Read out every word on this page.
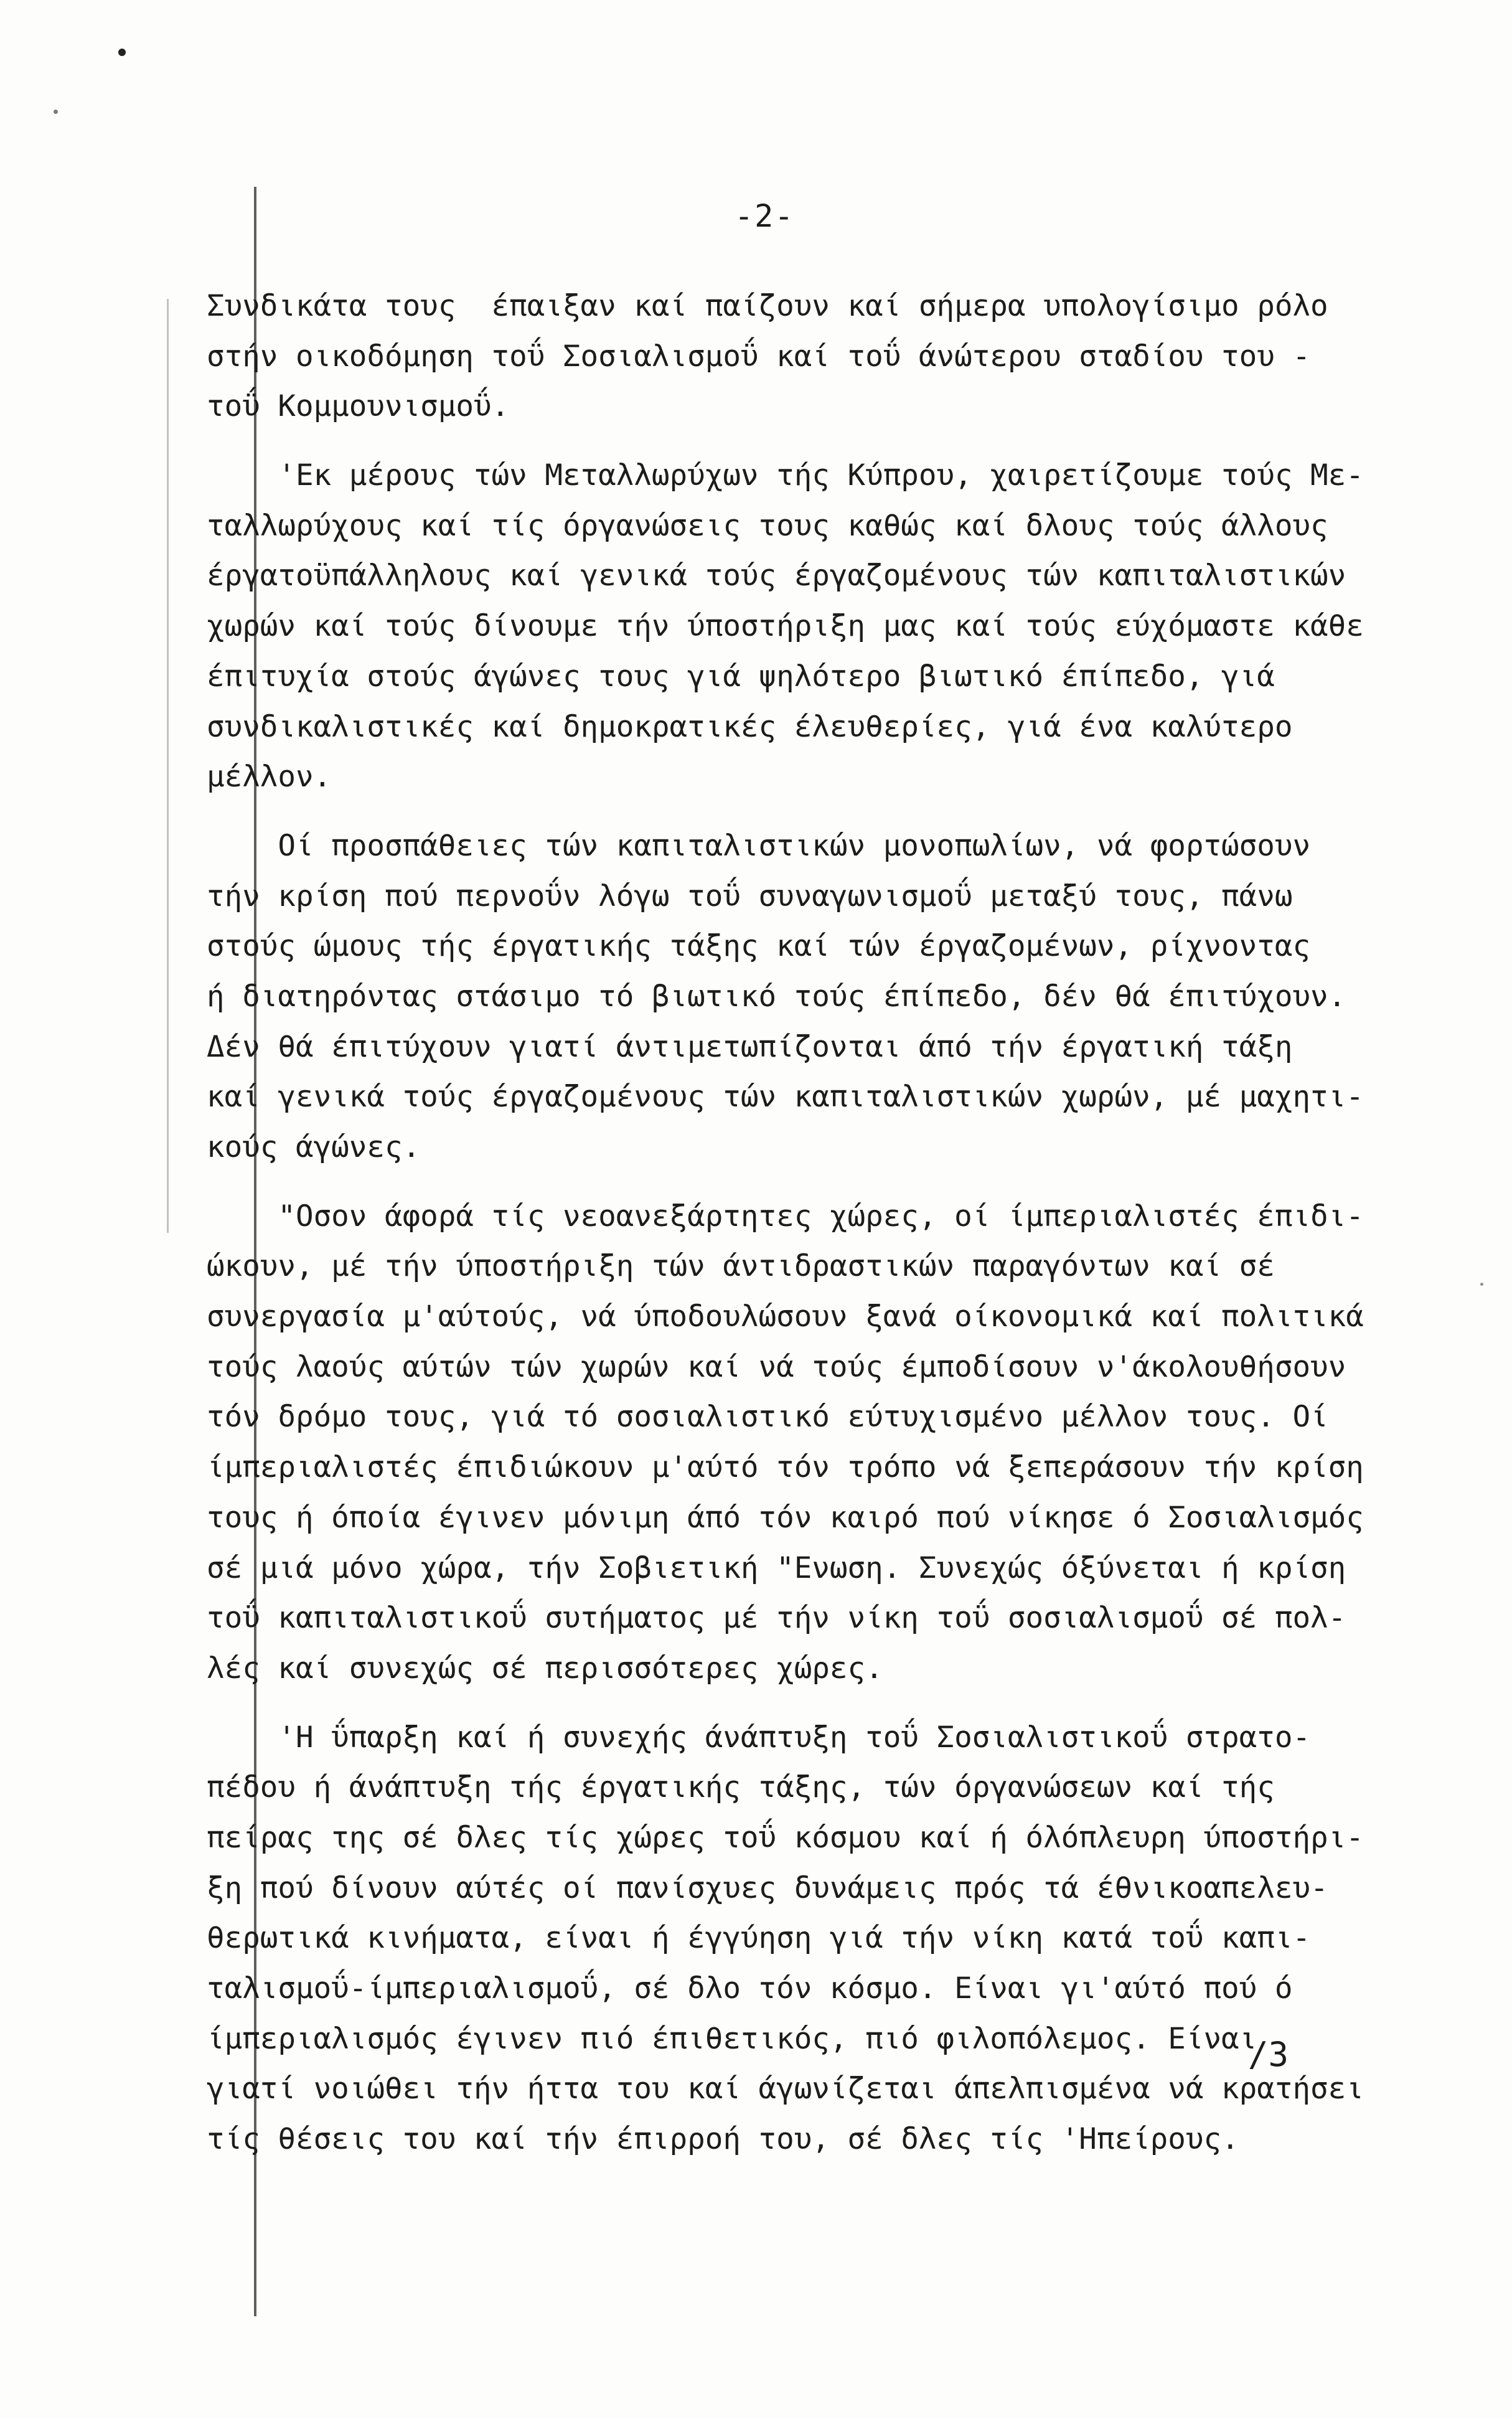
-2-
Συνδικάτα τους  έπαιξαν καί παίζουν καί σήμερα υπολογίσιμο ρόλο
στήν οικοδόμηση τοΰ Σοσιαλισμοΰ καί τοΰ άνώτερου σταδίου του -
τοΰ Κομμουνισμοΰ.
'Εκ μέρους τών Μεταλλωρύχων τής Κύπρου, χαιρετίζουμε τούς Με-
ταλλωρύχους καί τίς όργανώσεις τους καθώς καί δλους τούς άλλους
έργατοϋπάλληλους καί γενικά τούς έργαζομένους τών καπιταλιστικών
χωρών καί τούς δίνουμε τήν ύποστήριξη μας καί τούς εύχόμαστε κάθε
έπιτυχία στούς άγώνες τους γιά ψηλότερο βιωτικό έπίπεδο, γιά
συνδικαλιστικές καί δημοκρατικές έλευθερίες, γιά ένα καλύτερο
μέλλον.
Οί προσπάθειες τών καπιταλιστικών μονοπωλίων, νά φορτώσουν
τήν κρίση πού περνοΰν λόγω τοΰ συναγωνισμοΰ μεταξύ τους, πάνω
στούς ώμους τής έργατικής τάξης καί τών έργαζομένων, ρίχνοντας
ή διατηρόντας στάσιμο τό βιωτικό τούς έπίπεδο, δέν θά έπιτύχουν.
Δέν θά έπιτύχουν γιατί άντιμετωπίζονται άπό τήν έργατική τάξη
καί γενικά τούς έργαζομένους τών καπιταλιστικών χωρών, μέ μαχητι-
κούς άγώνες.
"Οσον άφορά τίς νεοανεξάρτητες χώρες, οί ίμπεριαλιστές έπιδι-
ώκουν, μέ τήν ύποστήριξη τών άντιδραστικών παραγόντων καί σέ
συνεργασία μ'αύτούς, νά ύποδουλώσουν ξανά οίκονομικά καί πολιτικά
τούς λαούς αύτών τών χωρών καί νά τούς έμποδίσουν ν'άκολουθήσουν
τόν δρόμο τους, γιά τό σοσιαλιστικό εύτυχισμένο μέλλον τους. Οί
ίμπεριαλιστές έπιδιώκουν μ'αύτό τόν τρόπο νά ξεπεράσουν τήν κρίση
τους ή όποία έγινεν μόνιμη άπό τόν καιρό πού νίκησε ό Σοσιαλισμός
σέ μιά μόνο χώρα, τήν Σοβιετική "Ενωση. Συνεχώς όξύνεται ή κρίση
τοΰ καπιταλιστικοΰ συτήματος μέ τήν νίκη τοΰ σοσιαλισμοΰ σέ πολ-
λές καί συνεχώς σέ περισσότερες χώρες.
'Η ΰπαρξη καί ή συνεχής άνάπτυξη τοΰ Σοσιαλιστικοΰ στρατο-
πέδου ή άνάπτυξη τής έργατικής τάξης, τών όργανώσεων καί τής
πείρας της σέ δλες τίς χώρες τοΰ κόσμου καί ή όλόπλευρη ύποστήρι-
ξη πού δίνουν αύτές οί πανίσχυες δυνάμεις πρός τά έθνικοαπελευ-
θερωτικά κινήματα, είναι ή έγγύηση γιά τήν νίκη κατά τοΰ καπι-
ταλισμοΰ-ίμπεριαλισμοΰ, σέ δλο τόν κόσμο. Είναι γι'αύτό πού ό
ίμπεριαλισμός έγινεν πιό έπιθετικός, πιό φιλοπόλεμος. Είναι
γιατί νοιώθει τήν ήττα του καί άγωνίζεται άπελπισμένα νά κρατήσει
τίς θέσεις του καί τήν έπιρροή του, σέ δλες τίς 'Ηπείρους.
/3
